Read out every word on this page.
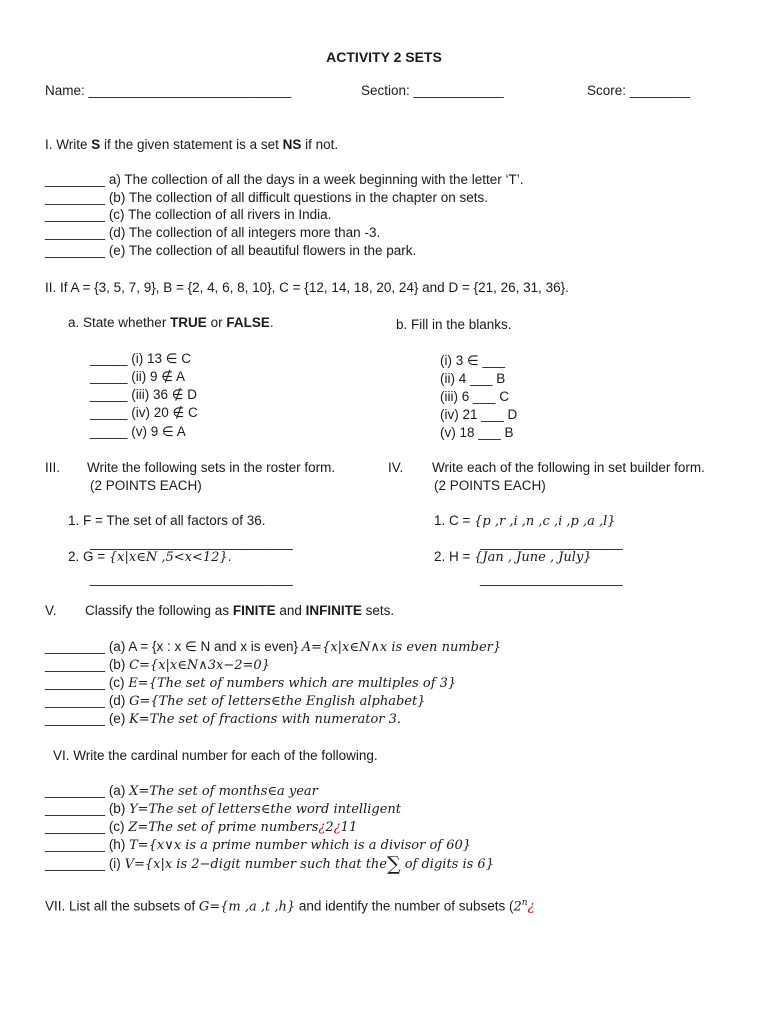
ACTIVITY 2 SETS
Name: ___________________________	Section: ____________	Score: ________
I. Write S if the given statement is a set NS if not.
________ a) The collection of all the days in a week beginning with the letter ‘T’.
________ (b) The collection of all difficult questions in the chapter on sets.
________ (c) The collection of all rivers in India.
________ (d) The collection of all integers more than -3.
________ (e) The collection of all beautiful flowers in the park.
II. If A = {3, 5, 7, 9}, B = {2, 4, 6, 8, 10}, C = {12, 14, 18, 20, 24} and D = {21, 26, 31, 36}.
a. State whether TRUE or FALSE.	b. Fill in the blanks.
_____ (i) 13 ∈ C
_____ (ii) 9 ∉ A
_____ (iii) 36 ∉ D
_____ (iv) 20 ∉ C
_____ (v) 9 ∈ A
(i) 3 ∈ ___
(ii) 4 ___ B
(iii) 6 ___ C
(iv) 21 ___ D
(v) 18 ___ B
III. Write the following sets in the roster form.
(2 POINTS EACH)
1. F = The set of all factors of 36.
___________________________
2. G = {x|x∈N ,5<x<12}.
___________________________
IV. Write each of the following in set builder form.
(2 POINTS EACH)
1. C = {p ,r ,i ,n ,c ,i ,p ,a ,l}
___________________
2. H = {Jan , June , July}
___________________
V. Classify the following as FINITE and INFINITE sets.
________ (a) A = {x : x ∈ N and x is even} A={x|x∈N∧x is even number}
________ (b) C={x|x∈N∧3x−2=0}
________ (c) E={The set of numbers which are multiples of 3}
________ (d) G={The set of letters∈the English alphabet}
________ (e) K=The set of fractions with numerator 3.
VI. Write the cardinal number for each of the following.
________ (a) X=The set of months∈a year
________ (b) Y=The set of letters∈the word intelligent
________ (c) Z=The set of prime numbers¿2¿11
________ (h) T={x∨x is a prime number which is a divisor of 60}
________ (i) V={x|x is 2−digit number such that the∑ of digits is 6}
VII. List all the subsets of G={m ,a ,t ,h} and identify the number of subsets (2$^n$¿
